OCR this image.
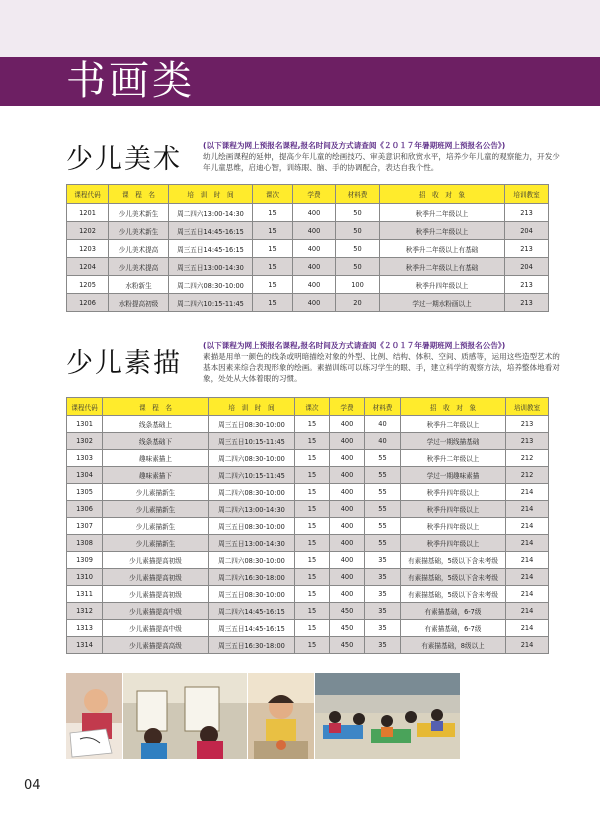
书画类
少儿美术	(以下课程为网上预报名课程,报名时间及方式请查阅《２０１７年暑期班网上预报名公告》)
幼儿绘画课程的延伸，提高少年儿童的绘画技巧、审美意识和欣赏水平，培养少年儿童的观察能力，开发少年儿童思维，启迪心智，训练眼、脑、手的协调配合，表达自我个性。
课程代码	课　程　名	培　训　时　间	课次	学费	材料费	招　收　对　象	培训教室
1201	少儿美术新生	周二四六13:00-14:30	15	400	50	秋季升二年级以上	213
1202	少儿美术新生	周三五日14:45-16:15	15	400	50	秋季升二年级以上	204
1203	少儿美术提高	周三五日14:45-16:15	15	400	50	秋季升二年级以上有基础	213
1204	少儿美术提高	周三五日13:00-14:30	15	400	50	秋季升二年级以上有基础	204
1205	水粉新生	周二四六08:30-10:00	15	400	100	秋季升四年级以上	213
1206	水粉提高初级	周二四六10:15-11:45	15	400	20	学过一期水粉画以上	213
少儿素描
(以下课程为网上预报名课程,报名时间及方式请查阅《２０１７年暑期班网上预报名公告》)
素描是用单一颜色的线条或明暗描绘对象的外型、比例、结构、体积、空间、质感等，运用这些造型艺术的基本因素来综合表现形象的绘画。素描训练可以练习学生的眼、手，建立科学的观察方法，培养整体地看对象，处处从大体着眼的习惯。
课程代码	课　程　名	培　训　时　间	课次	学费	材料费	招　收　对　象	培训教室
1301	线条基础上	周三五日08:30-10:00	15	400	40	秋季升二年级以上	213
1302	线条基础下	周三五日10:15-11:45	15	400	40	学过一期线描基础	213
1303	趣味素描上	周二四六08:30-10:00	15	400	55	秋季升二年级以上	212
1304	趣味素描下	周二四六10:15-11:45	15	400	55	学过一期趣味素描	212
1305	少儿素描新生	周二四六08:30-10:00	15	400	55	秋季升四年级以上	214
1306	少儿素描新生	周二四六13:00-14:30	15	400	55	秋季升四年级以上	214
1307	少儿素描新生	周三五日08:30-10:00	15	400	55	秋季升四年级以上	214
1308	少儿素描新生	周三五日13:00-14:30	15	400	55	秋季升四年级以上	214
1309	少儿素描提高初级	周二四六08:30-10:00	15	400	35	有素描基础，5级以下含未考级	214
1310	少儿素描提高初级	周二四六16:30-18:00	15	400	35	有素描基础，5级以下含未考级	214
1311	少儿素描提高初级	周三五日08:30-10:00	15	400	35	有素描基础，5级以下含未考级	214
1312	少儿素描提高中级	周二四六14:45-16:15	15	450	35	有素描基础，6-7级	214
1313	少儿素描提高中级	周三五日14:45-16:15	15	450	35	有素描基础，6-7级	214
1314	少儿素描提高高级	周三五日16:30-18:00	15	450	35	有素描基础，8级以上	214
04
